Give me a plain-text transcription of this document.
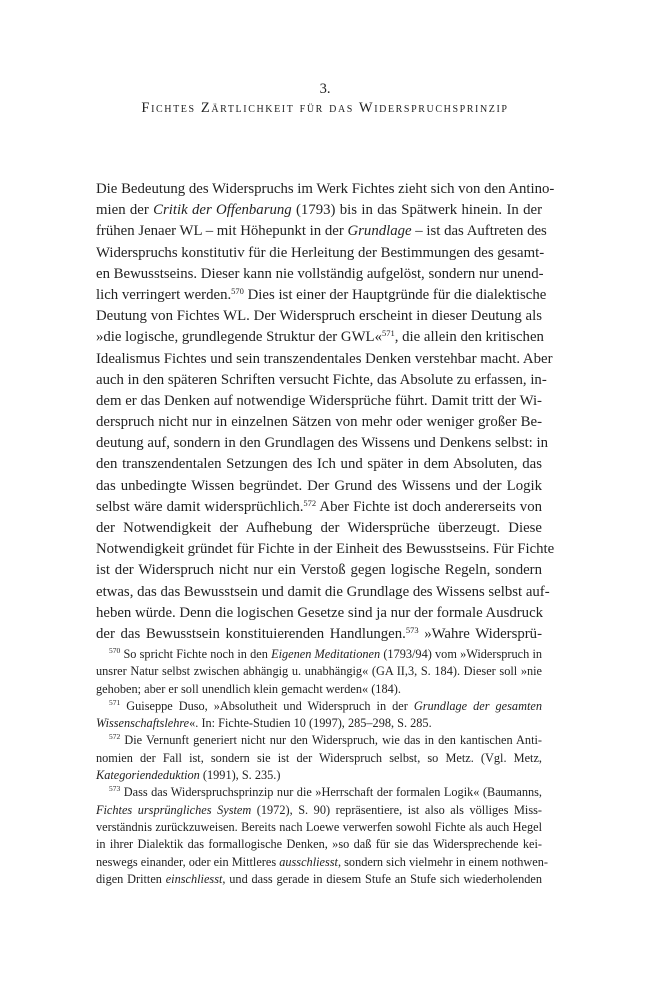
3.
Fichtes Zärtlichkeit für das Widerspruchsprinzip
Die Bedeutung des Widerspruchs im Werk Fichtes zieht sich von den Antino-
mien der Critik der Offenbarung (1793) bis in das Spätwerk hinein. In der
frühen Jenaer WL – mit Höhepunkt in der Grundlage – ist das Auftreten des
Widerspruchs konstitutiv für die Herleitung der Bestimmungen des gesamt-
en Bewusstseins. Dieser kann nie vollständig aufgelöst, sondern nur unend-
lich verringert werden.$^{570}$ Dies ist einer der Hauptgründe für die dialektische
Deutung von Fichtes WL. Der Widerspruch erscheint in dieser Deutung als
»die logische, grundlegende Struktur der GWL«$^{571}$, die allein den kritischen
Idealismus Fichtes und sein transzendentales Denken verstehbar macht. Aber
auch in den späteren Schriften versucht Fichte, das Absolute zu erfassen, in-
dem er das Denken auf notwendige Widersprüche führt. Damit tritt der Wi-
derspruch nicht nur in einzelnen Sätzen von mehr oder weniger großer Be-
deutung auf, sondern in den Grundlagen des Wissens und Denkens selbst: in
den transzendentalen Setzungen des Ich und später in dem Absoluten, das
das unbedingte Wissen begründet. Der Grund des Wissens und der Logik
selbst wäre damit widersprüchlich.$^{572}$ Aber Fichte ist doch andererseits von
der Notwendigkeit der Aufhebung der Widersprüche überzeugt. Diese
Notwendigkeit gründet für Fichte in der Einheit des Bewusstseins. Für Fichte
ist der Widerspruch nicht nur ein Verstoß gegen logische Regeln, sondern
etwas, das das Bewusstsein und damit die Grundlage des Wissens selbst auf-
heben würde. Denn die logischen Gesetze sind ja nur der formale Ausdruck
der das Bewusstsein konstituierenden Handlungen.$^{573}$ »Wahre Widersprü-
$^{570}$ So spricht Fichte noch in den Eigenen Meditationen (1793/94) vom »Widerspruch in
unsrer Natur selbst zwischen abhängig u. unabhängig« (GA II,3, S. 184). Dieser soll »nie
gehoben; aber er soll unendlich klein gemacht werden« (184).
$^{571}$ Guiseppe Duso, »Absolutheit und Widerspruch in der Grundlage der gesamten
Wissenschaftslehre«. In: Fichte-Studien 10 (1997), 285–298, S. 285.
$^{572}$ Die Vernunft generiert nicht nur den Widerspruch, wie das in den kantischen Anti-
nomien der Fall ist, sondern sie ist der Widerspruch selbst, so Metz. (Vgl. Metz,
Kategoriendeduktion (1991), S. 235.)
$^{573}$ Dass das Widerspruchsprinzip nur die »Herrschaft der formalen Logik« (Baumanns,
Fichtes ursprüngliches System (1972), S. 90) repräsentiere, ist also als völliges Miss-
verständnis zurückzuweisen. Bereits nach Loewe verwerfen sowohl Fichte als auch Hegel
in ihrer Dialektik das formallogische Denken, »so daß für sie das Widersprechende kei-
neswegs einander, oder ein Mittleres ausschliesst, sondern sich vielmehr in einem nothwen-
digen Dritten einschliesst, und dass gerade in diesem Stufe an Stufe sich wiederholenden
